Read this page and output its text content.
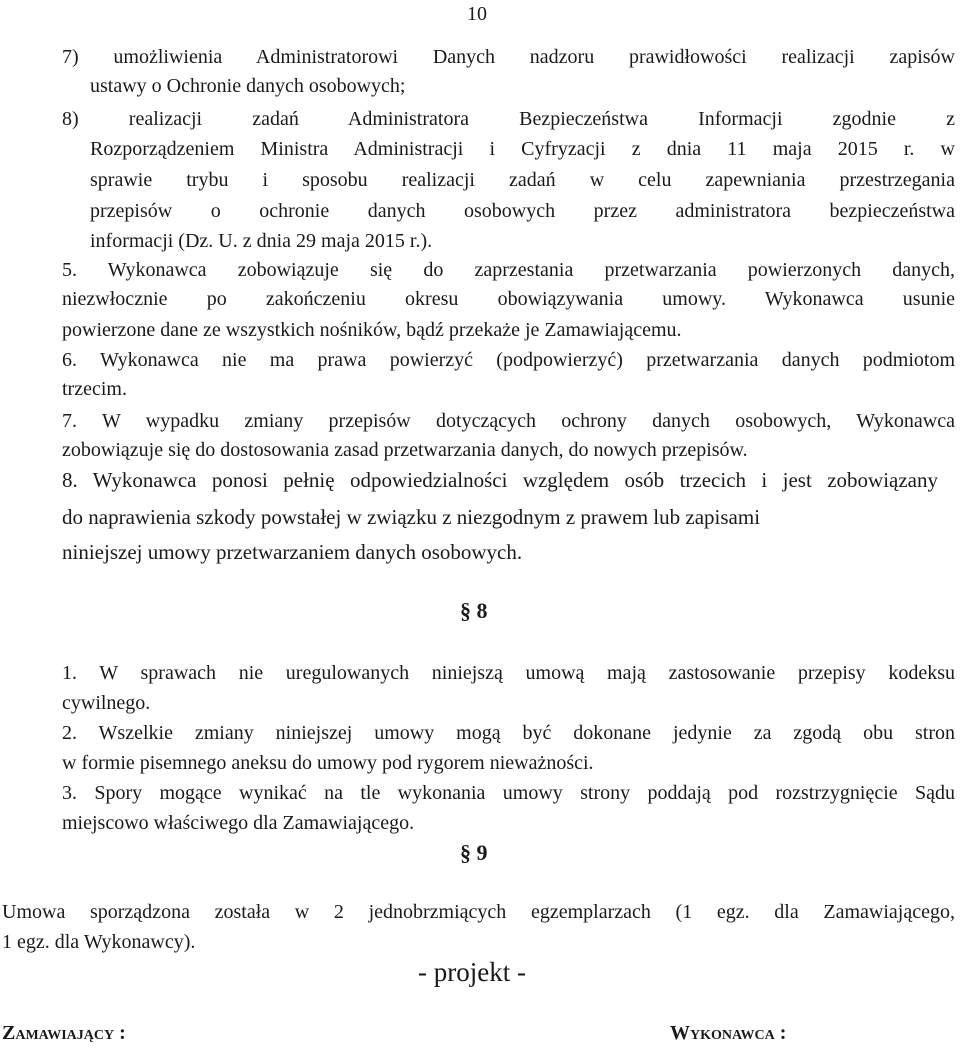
10
7) umożliwienia Administratorowi Danych nadzoru prawidłowości realizacji zapisów
ustawy o Ochronie danych osobowych;
8) realizacji zadań Administratora Bezpieczeństwa Informacji zgodnie z
Rozporządzeniem Ministra Administracji i Cyfryzacji z dnia 11 maja 2015 r. w
sprawie trybu i sposobu realizacji zadań w celu zapewniania przestrzegania
przepisów o ochronie danych osobowych przez administratora bezpieczeństwa
informacji (Dz. U. z dnia 29 maja 2015 r.).
5. Wykonawca zobowiązuje się do zaprzestania przetwarzania powierzonych danych,
niezwłocznie po zakończeniu okresu obowiązywania umowy. Wykonawca usunie
powierzone dane ze wszystkich nośników, bądź przekaże je Zamawiającemu.
6. Wykonawca nie ma prawa powierzyć (podpowierzyć) przetwarzania danych podmiotom
trzecim.
7. W wypadku zmiany przepisów dotyczących ochrony danych osobowych, Wykonawca
zobowiązuje się do dostosowania zasad przetwarzania danych, do nowych przepisów.
8. Wykonawca ponosi pełnię odpowiedzialności względem osób trzecich i jest zobowiązany
do naprawienia szkody powstałej w związku z niezgodnym z prawem lub zapisami
niniejszej umowy przetwarzaniem danych osobowych.
§ 8
1. W sprawach nie uregulowanych niniejszą umową mają zastosowanie przepisy kodeksu
cywilnego.
2. Wszelkie zmiany niniejszej umowy mogą być dokonane jedynie za zgodą obu stron
w formie pisemnego aneksu do umowy pod rygorem nieważności.
3. Spory mogące wynikać na tle wykonania umowy strony poddają pod rozstrzygnięcie Sądu
miejscowo właściwego dla Zamawiającego.
§ 9
Umowa sporządzona została w 2 jednobrzmiących egzemplarzach (1 egz. dla Zamawiającego,
1 egz. dla Wykonawcy).
- projekt -
Zamawiający :	Wykonawca :
